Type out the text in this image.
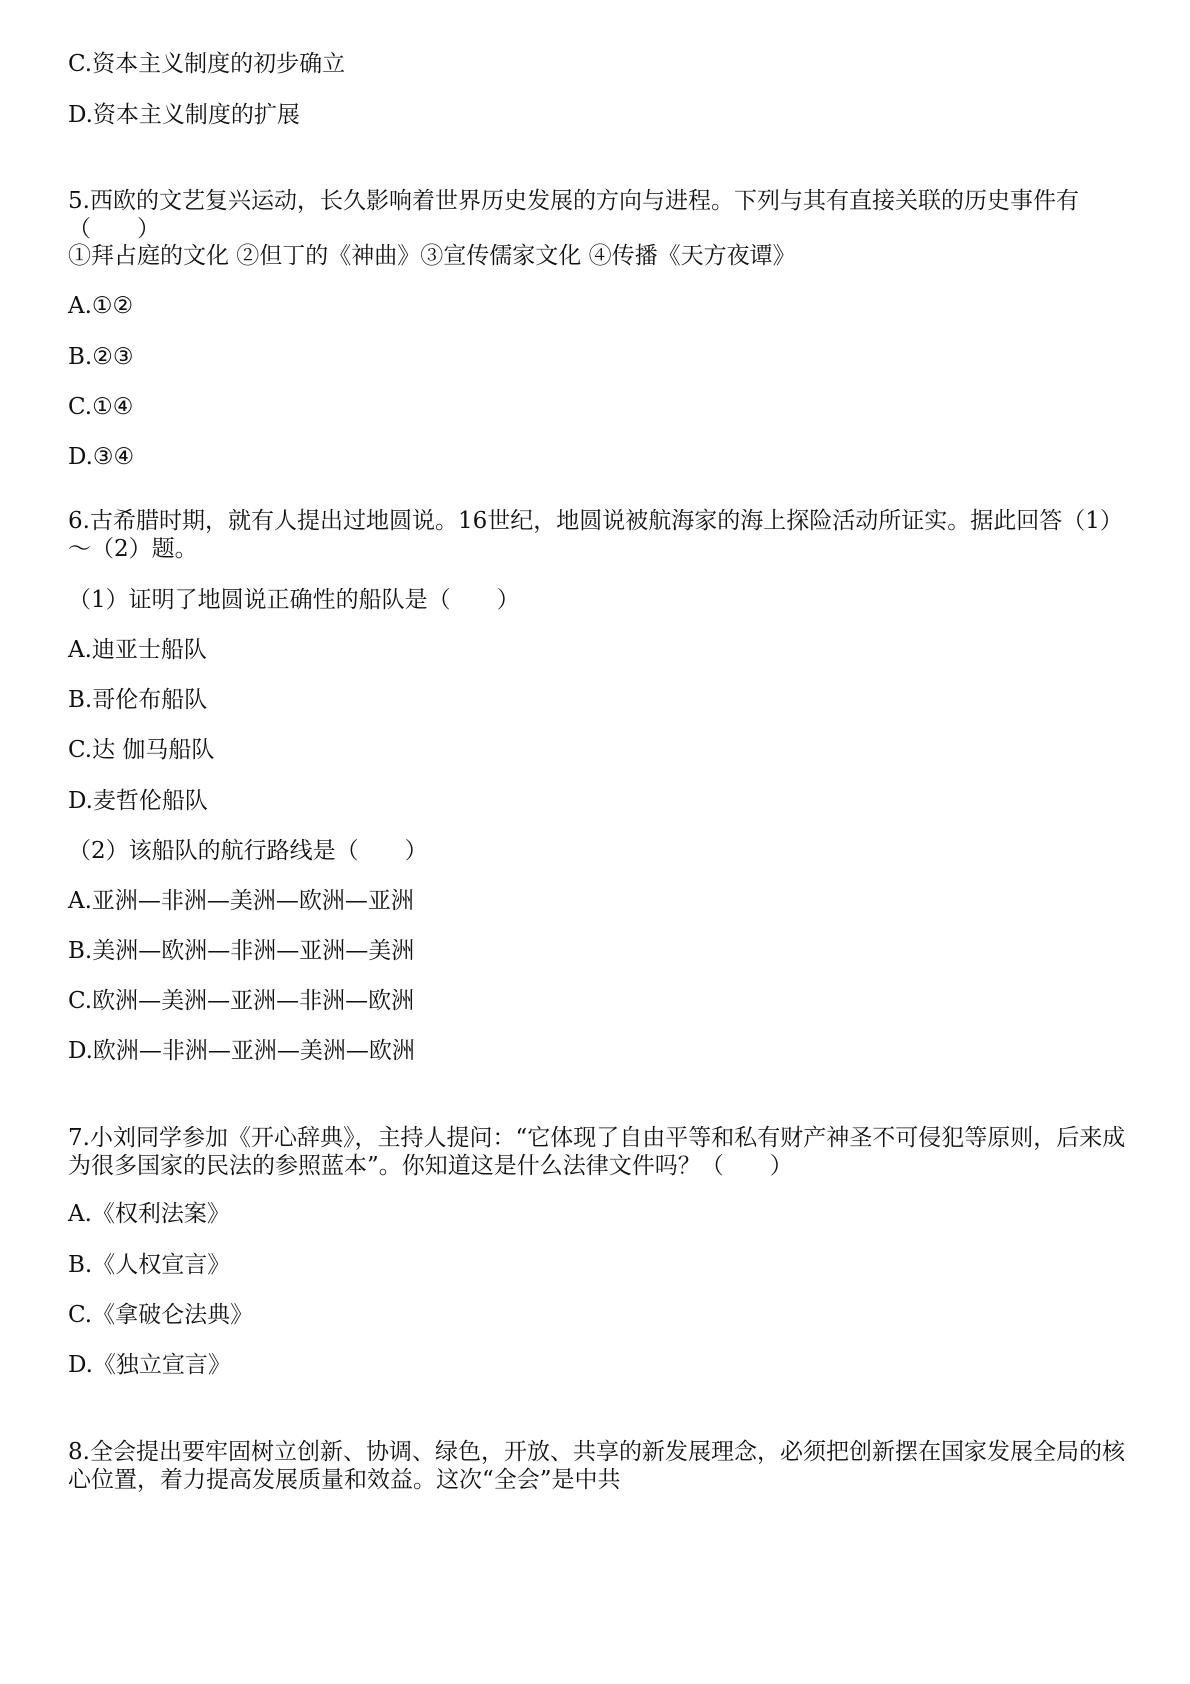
C.资本主义制度的初步确立
D.资本主义制度的扩展
5.西欧的文艺复兴运动，长久影响着世界历史发展的方向与进程。下列与其有直接关联的历史事件有（　　）
①拜占庭的文化 ②但丁的《神曲》③宣传儒家文化 ④传播《天方夜谭》
A.①②
B.②③
C.①④
D.③④
6.古希腊时期，就有人提出过地圆说。16世纪，地圆说被航海家的海上探险活动所证实。据此回答（1）～（2）题。
（1）证明了地圆说正确性的船队是（　　）
A.迪亚士船队
B.哥伦布船队
C.达 伽马船队
D.麦哲伦船队
（2）该船队的航行路线是（　　）
A.亚洲—非洲—美洲—欧洲—亚洲
B.美洲—欧洲—非洲—亚洲—美洲
C.欧洲—美洲—亚洲—非洲—欧洲
D.欧洲—非洲—亚洲—美洲—欧洲
7.小刘同学参加《开心辞典》，主持人提问：“它体现了自由平等和私有财产神圣不可侵犯等原则，后来成为很多国家的民法的参照蓝本”。你知道这是什么法律文件吗？（　　）
A.《权利法案》
B.《人权宣言》
C.《拿破仑法典》
D.《独立宣言》
8.全会提出要牢固树立创新、协调、绿色，开放、共享的新发展理念，必须把创新摆在国家发展全局的核心位置，着力提高发展质量和效益。这次“全会”是中共
